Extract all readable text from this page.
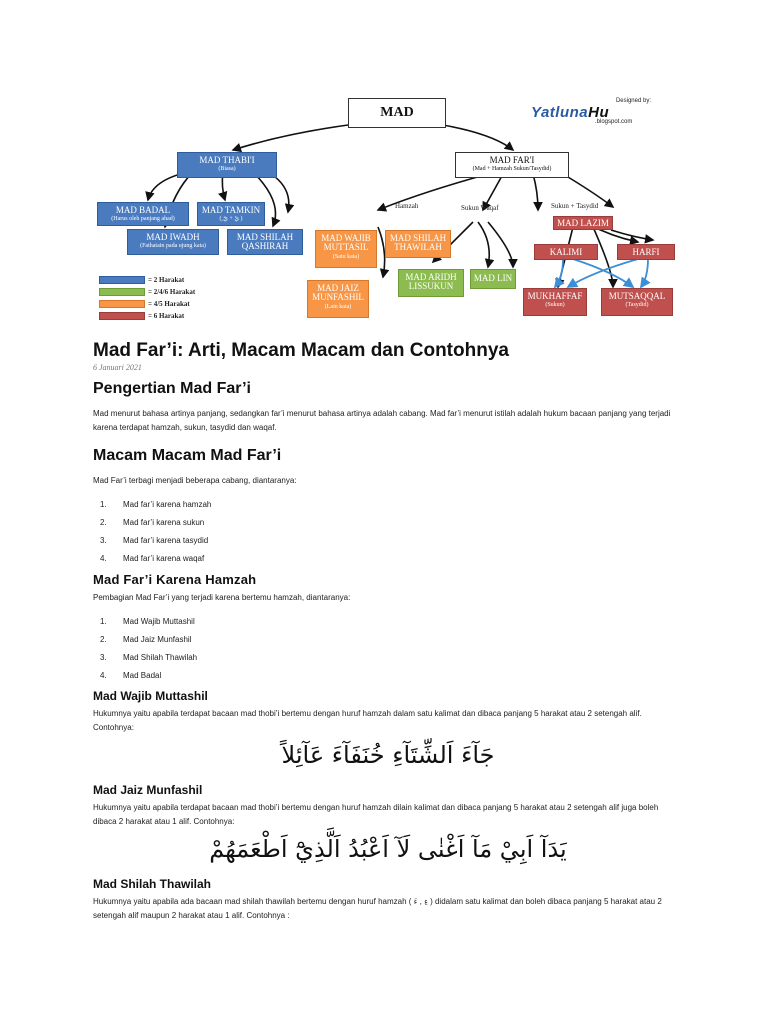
MAD
Designed by:
YatlunaHu
.blogspot.com
MAD THABI'I
(Biasa)
MAD FAR'I
(Mad + Hamzah Sukun/Tasydid)
MAD BADAL
(Harus oleh panjang ahad)
MAD TAMKIN
( ِيْ + يّ )
MAD IWADH
(Fathatain pada ujung kata)
MAD SHILAH QASHIRAH
Hamzah	Sukun Waqaf	Sukun + Tasydid
MAD WAJIB MUTTASIL
(Satu kata)
MAD SHILAH THAWILAH
MAD JAIZ MUNFASHIL
(Lain kata)
MAD ARIDH LISSUKUN
MAD LIN
MAD LAZIM
KALIMI	HARFI
MUKHAFFAF
(Sukun)
MUTSAQQAL
(Tasydid)
= 2 Harakat
= 2/4/6 Harakat
= 4/5 Harakat
= 6 Harakat
Mad Far’i: Arti, Macam Macam dan Contohnya
6 Januari 2021
Pengertian Mad Far’i

Mad menurut bahasa artinya panjang, sedangkan far’i menurut bahasa artinya adalah cabang. Mad far’i menurut istilah adalah hukum bacaan panjang yang terjadi karena terdapat hamzah, sukun, tasydid dan waqaf.

Macam Macam Mad Far’i

Mad Far’i terbagi menjadi beberapa cabang, diantaranya:

1. Mad far’i karena hamzah
2. Mad far’i karena sukun
3. Mad far’i karena tasydid
4. Mad far’i karena waqaf
Mad Far’i Karena Hamzah

Pembagian Mad Far’i yang terjadi karena bertemu hamzah, diantaranya:

1. Mad Wajib Muttashil
2. Mad Jaiz Munfashil
3. Mad Shilah Thawilah
4. Mad Badal
Mad Wajib Muttashil

Hukumnya yaitu apabila terdapat bacaan mad thobi’i bertemu dengan huruf hamzah dalam satu kalimat dan dibaca panjang 5 harakat atau 2 setengah alif. Contohnya:

جَآءَ اَلشِّتَآءِ خُنَفَآءَ عَآئِلاً
Mad Jaiz Munfashil

Hukumnya yaitu apabila terdapat bacaan mad thobi’i bertemu dengan huruf hamzah dilain kalimat dan dibaca panjang 5 harakat atau 2 setengah alif juga boleh dibaca 2 harakat atau 1 alif. Contohnya:

يَدَآ اَبِيْ مَآ اَغْنٰى لَآ اَعْبُدُ اَلَّذِيْٓ اَطْعَمَهُمْ
Mad Shilah Thawilah

Hukumnya yaitu apabila ada bacaan mad shilah thawilah bertemu dengan huruf hamzah ( ءِ , ءَ ) didalam satu kalimat dan boleh dibaca panjang 5 harakat atau 2 setengah alif maupun 2 harakat atau 1 alif. Contohnya :
